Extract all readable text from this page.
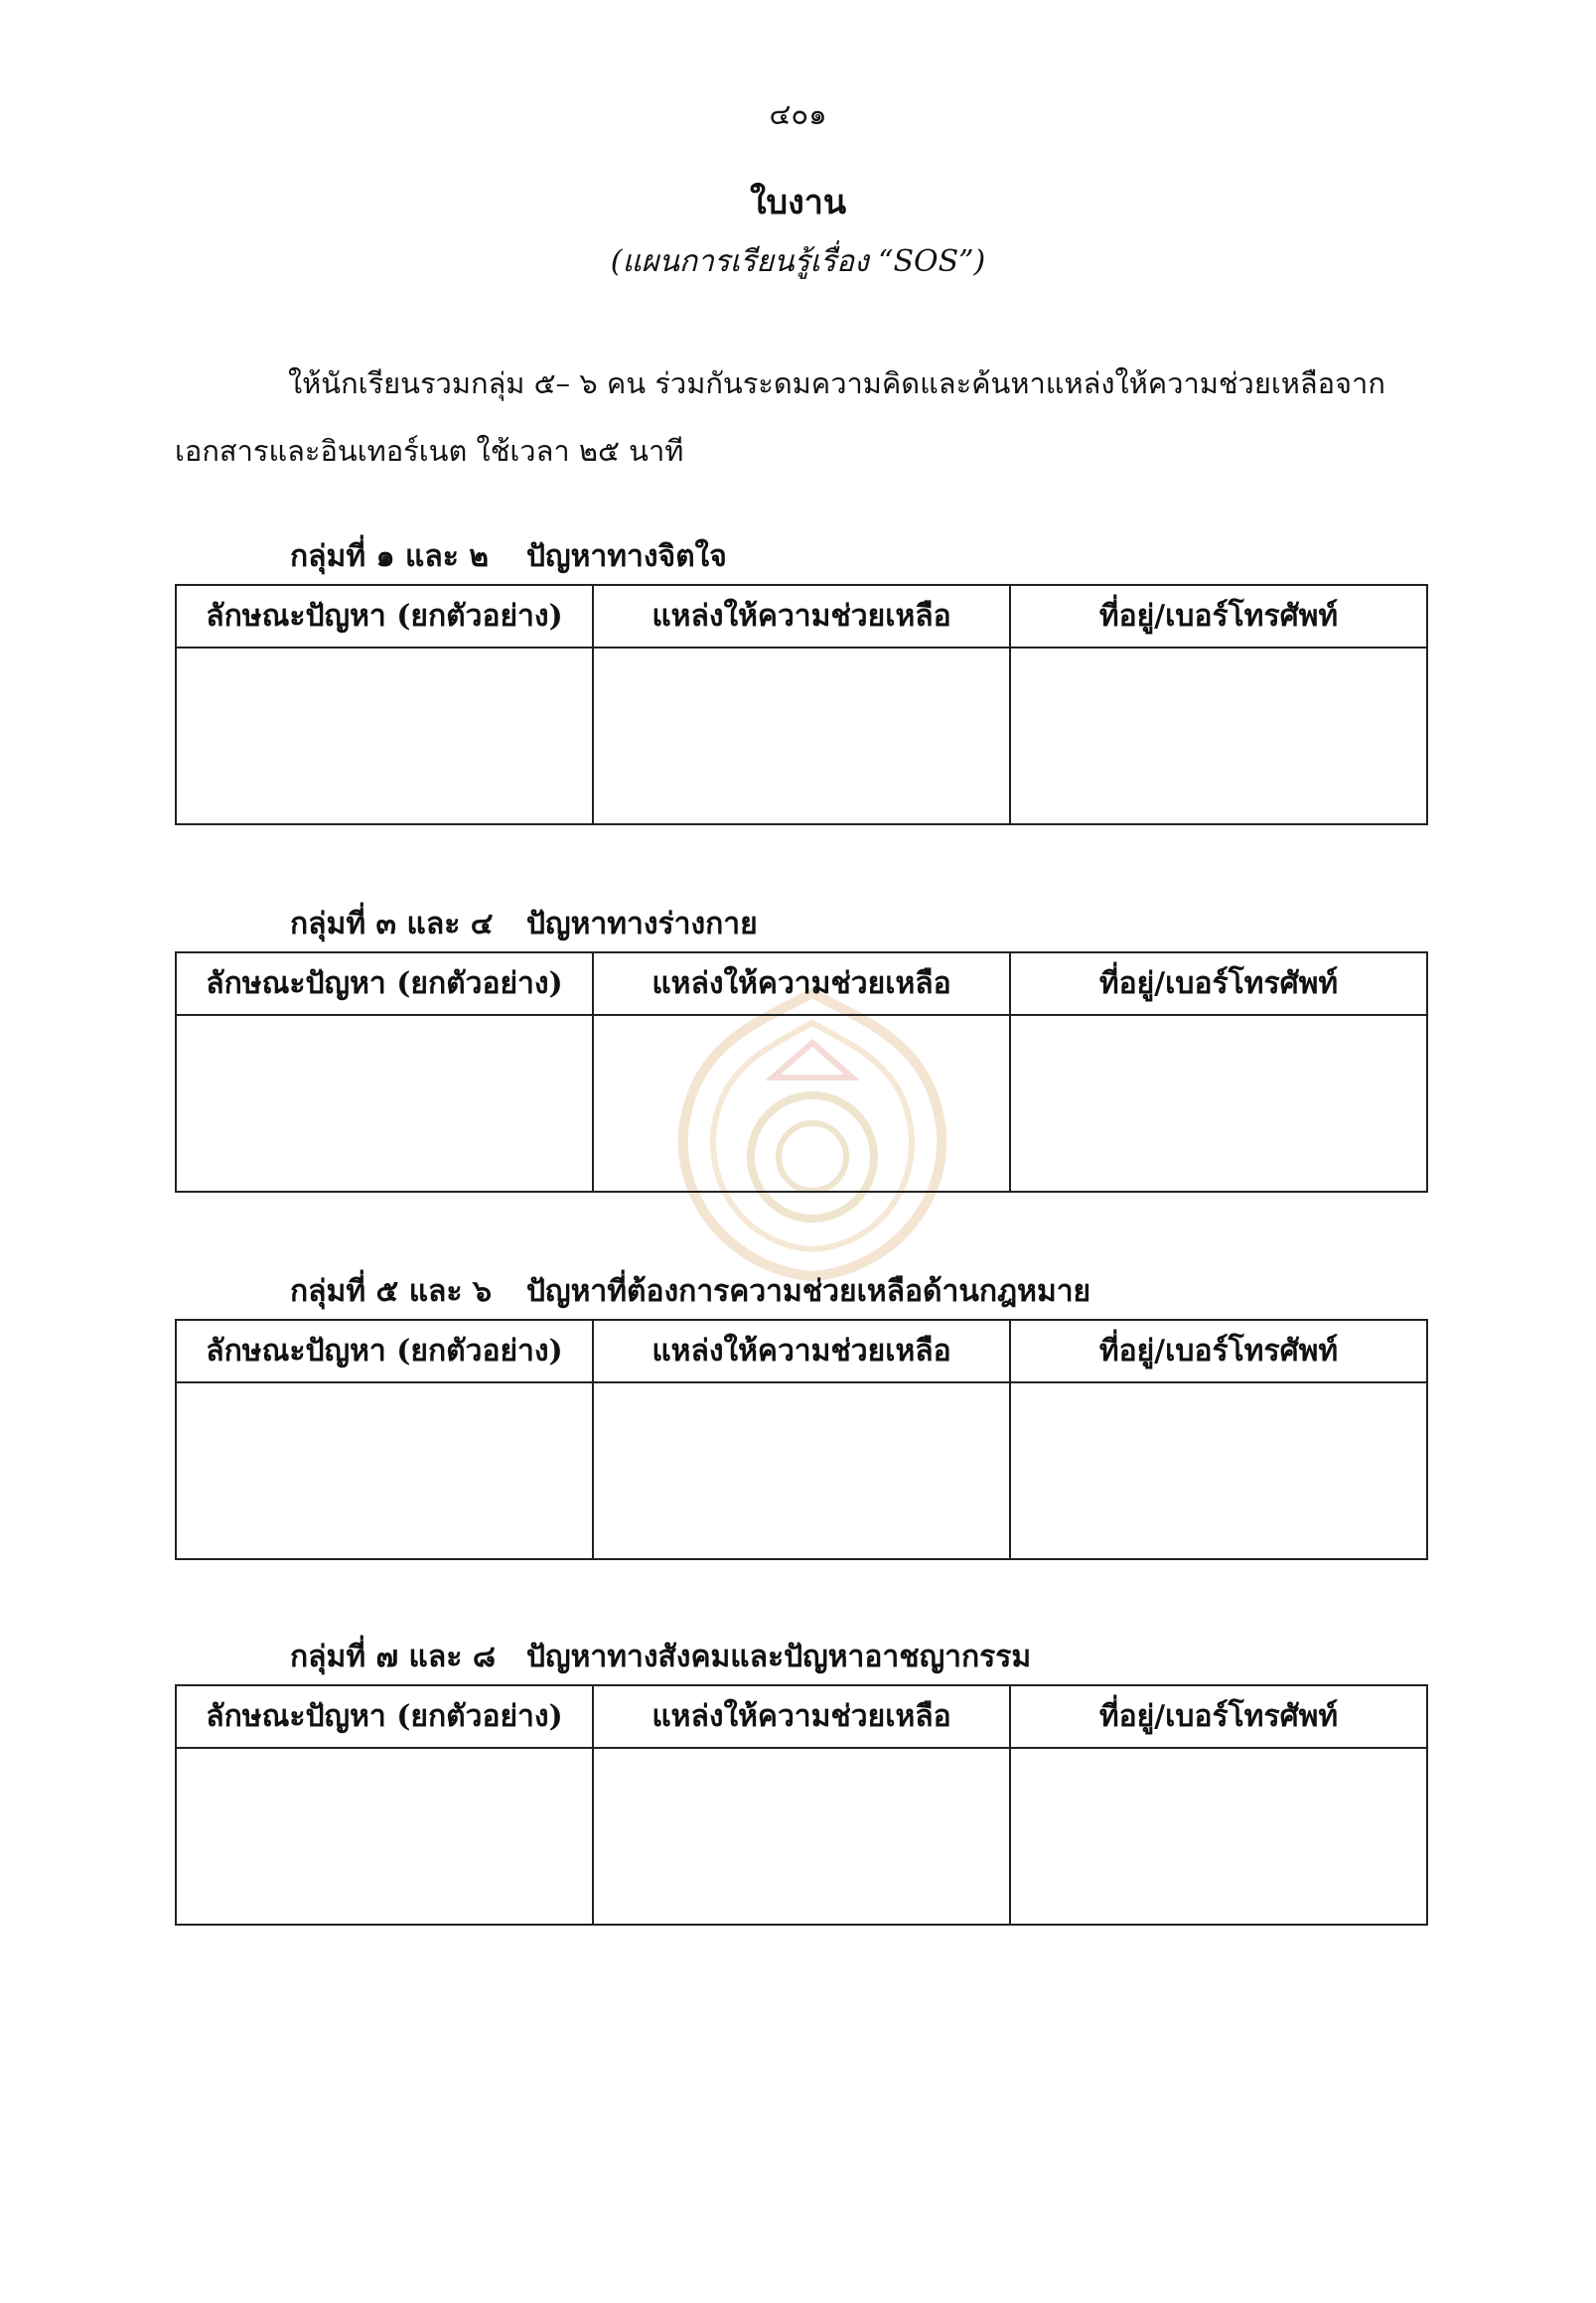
๔๐๑
ใบงาน
(แผนการเรียนรู้เรื่อง “SOS”)
ให้นักเรียนรวมกลุ่ม ๕– ๖ คน ร่วมกันระดมความคิดและค้นหาแหล่งให้ความช่วยเหลือจากเอกสารและอินเทอร์เนต ใช้เวลา ๒๕ นาที
กลุ่มที่ ๑ และ ๒	ปัญหาทางจิตใจ
ลักษณะปัญหา (ยกตัวอย่าง)	แหล่งให้ความช่วยเหลือ	ที่อยู่/เบอร์โทรศัพท์

กลุ่มที่ ๓ และ ๔	ปัญหาทางร่างกาย
ลักษณะปัญหา (ยกตัวอย่าง)	แหล่งให้ความช่วยเหลือ	ที่อยู่/เบอร์โทรศัพท์

กลุ่มที่ ๕ และ ๖	ปัญหาที่ต้องการความช่วยเหลือด้านกฎหมาย
ลักษณะปัญหา (ยกตัวอย่าง)	แหล่งให้ความช่วยเหลือ	ที่อยู่/เบอร์โทรศัพท์

กลุ่มที่ ๗ และ ๘	ปัญหาทางสังคมและปัญหาอาชญากรรม
ลักษณะปัญหา (ยกตัวอย่าง)	แหล่งให้ความช่วยเหลือ	ที่อยู่/เบอร์โทรศัพท์
